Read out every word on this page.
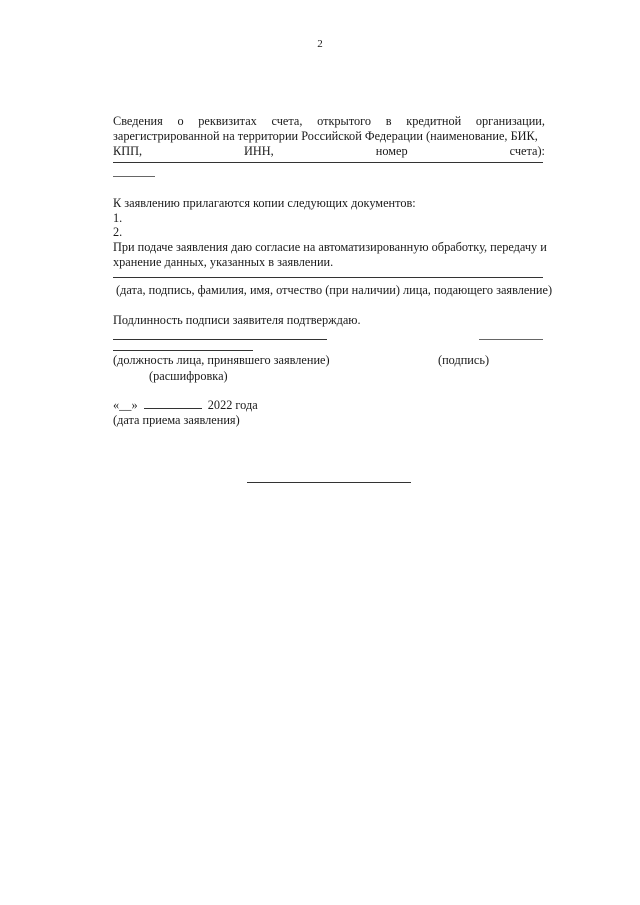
2
Сведения о реквизитах счета, открытого в кредитной организации,
зарегистрированной на территории Российской Федерации (наименование, БИК,
КПП,	ИНН,	номер	счета):
К заявлению прилагаются копии следующих документов:
1.
2.
При подаче заявления даю согласие на автоматизированную обработку, передачу и
хранение данных, указанных в заявлении.
(дата, подпись, фамилия, имя, отчество (при наличии) лица, подающего заявление)
Подлинность подписи заявителя подтверждаю.
(должность лица, принявшего заявление)	(подпись)
(расшифровка)
«__»	2022 года
(дата приема заявления)
